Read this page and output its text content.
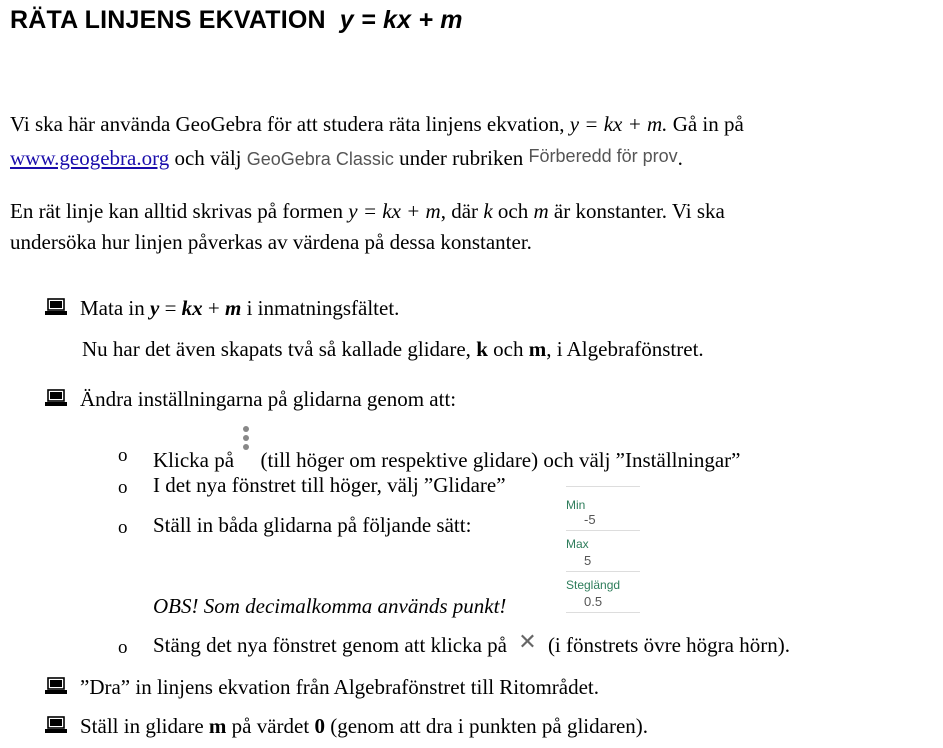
RÄTA LINJENS EKVATION y = kx + m
Vi ska här använda GeoGebra för att studera räta linjens ekvation, y = kx + m. Gå in på
www.geogebra.org och välj GeoGebra Classic under rubriken Förberedd för prov.
En rät linje kan alltid skrivas på formen y = kx + m, där k och m är konstanter. Vi ska
undersöka hur linjen påverkas av värdena på dessa konstanter.
Mata in y = kx + m i inmatningsfältet.
Nu har det även skapats två så kallade glidare, k och m, i Algebrafönstret.
Ändra inställningarna på glidarna genom att:
o Klicka på (till höger om respektive glidare) och välj ”Inställningar”
o I det nya fönstret till höger, välj ”Glidare”
o Ställ in båda glidarna på följande sätt:
OBS! Som decimalkomma används punkt!
Min
-5
Max
5
Steglängd
0.5
o Stäng det nya fönstret genom att klicka på ✕ (i fönstrets övre högra hörn).
”Dra” in linjens ekvation från Algebrafönstret till Ritområdet.
Ställ in glidare m på värdet 0 (genom att dra i punkten på glidaren).
